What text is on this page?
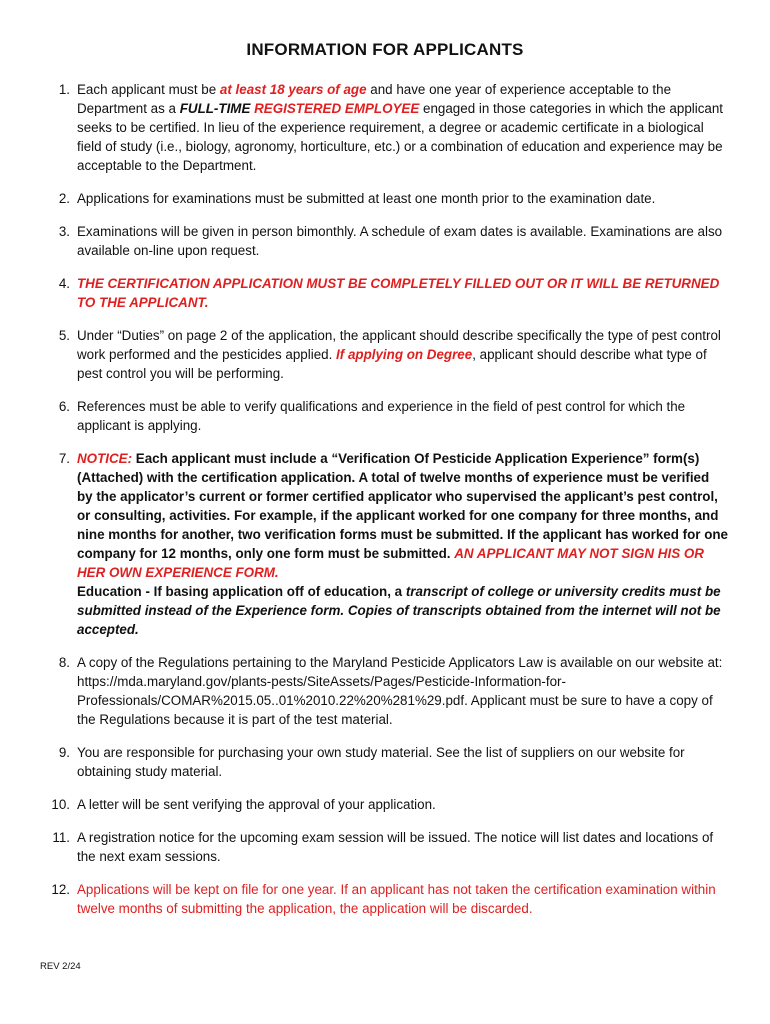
INFORMATION FOR APPLICANTS
1. Each applicant must be at least 18 years of age and have one year of experience acceptable to the Department as a FULL-TIME REGISTERED EMPLOYEE engaged in those categories in which the applicant seeks to be certified. In lieu of the experience requirement, a degree or academic certificate in a biological field of study (i.e., biology, agronomy, horticulture, etc.) or a combination of education and experience may be acceptable to the Department.
2. Applications for examinations must be submitted at least one month prior to the examination date.
3. Examinations will be given in person bimonthly. A schedule of exam dates is available. Examinations are also available on-line upon request.
4. THE CERTIFICATION APPLICATION MUST BE COMPLETELY FILLED OUT OR IT WILL BE RETURNED TO THE APPLICANT.
5. Under “Duties” on page 2 of the application, the applicant should describe specifically the type of pest control work performed and the pesticides applied. If applying on Degree, applicant should describe what type of pest control you will be performing.
6. References must be able to verify qualifications and experience in the field of pest control for which the applicant is applying.
7. NOTICE: Each applicant must include a “Verification Of Pesticide Application Experience” form(s) (Attached) with the certification application. A total of twelve months of experience must be verified by the applicator’s current or former certified applicator who supervised the applicant’s pest control, or consulting, activities. For example, if the applicant worked for one company for three months, and nine months for another, two verification forms must be submitted. If the applicant has worked for one company for 12 months, only one form must be submitted. AN APPLICANT MAY NOT SIGN HIS OR HER OWN EXPERIENCE FORM.
Education - If basing application off of education, a transcript of college or university credits must be submitted instead of the Experience form. Copies of transcripts obtained from the internet will not be accepted.
8. A copy of the Regulations pertaining to the Maryland Pesticide Applicators Law is available on our website at: https://mda.maryland.gov/plants-pests/SiteAssets/Pages/Pesticide-Information-for-Professionals/COMAR%2015.05..01%2010.22%20%281%29.pdf. Applicant must be sure to have a copy of the Regulations because it is part of the test material.
9. You are responsible for purchasing your own study material. See the list of suppliers on our website for obtaining study material.
10. A letter will be sent verifying the approval of your application.
11. A registration notice for the upcoming exam session will be issued. The notice will list dates and locations of the next exam sessions.
12. Applications will be kept on file for one year. If an applicant has not taken the certification examination within twelve months of submitting the application, the application will be discarded.
REV 2/24
